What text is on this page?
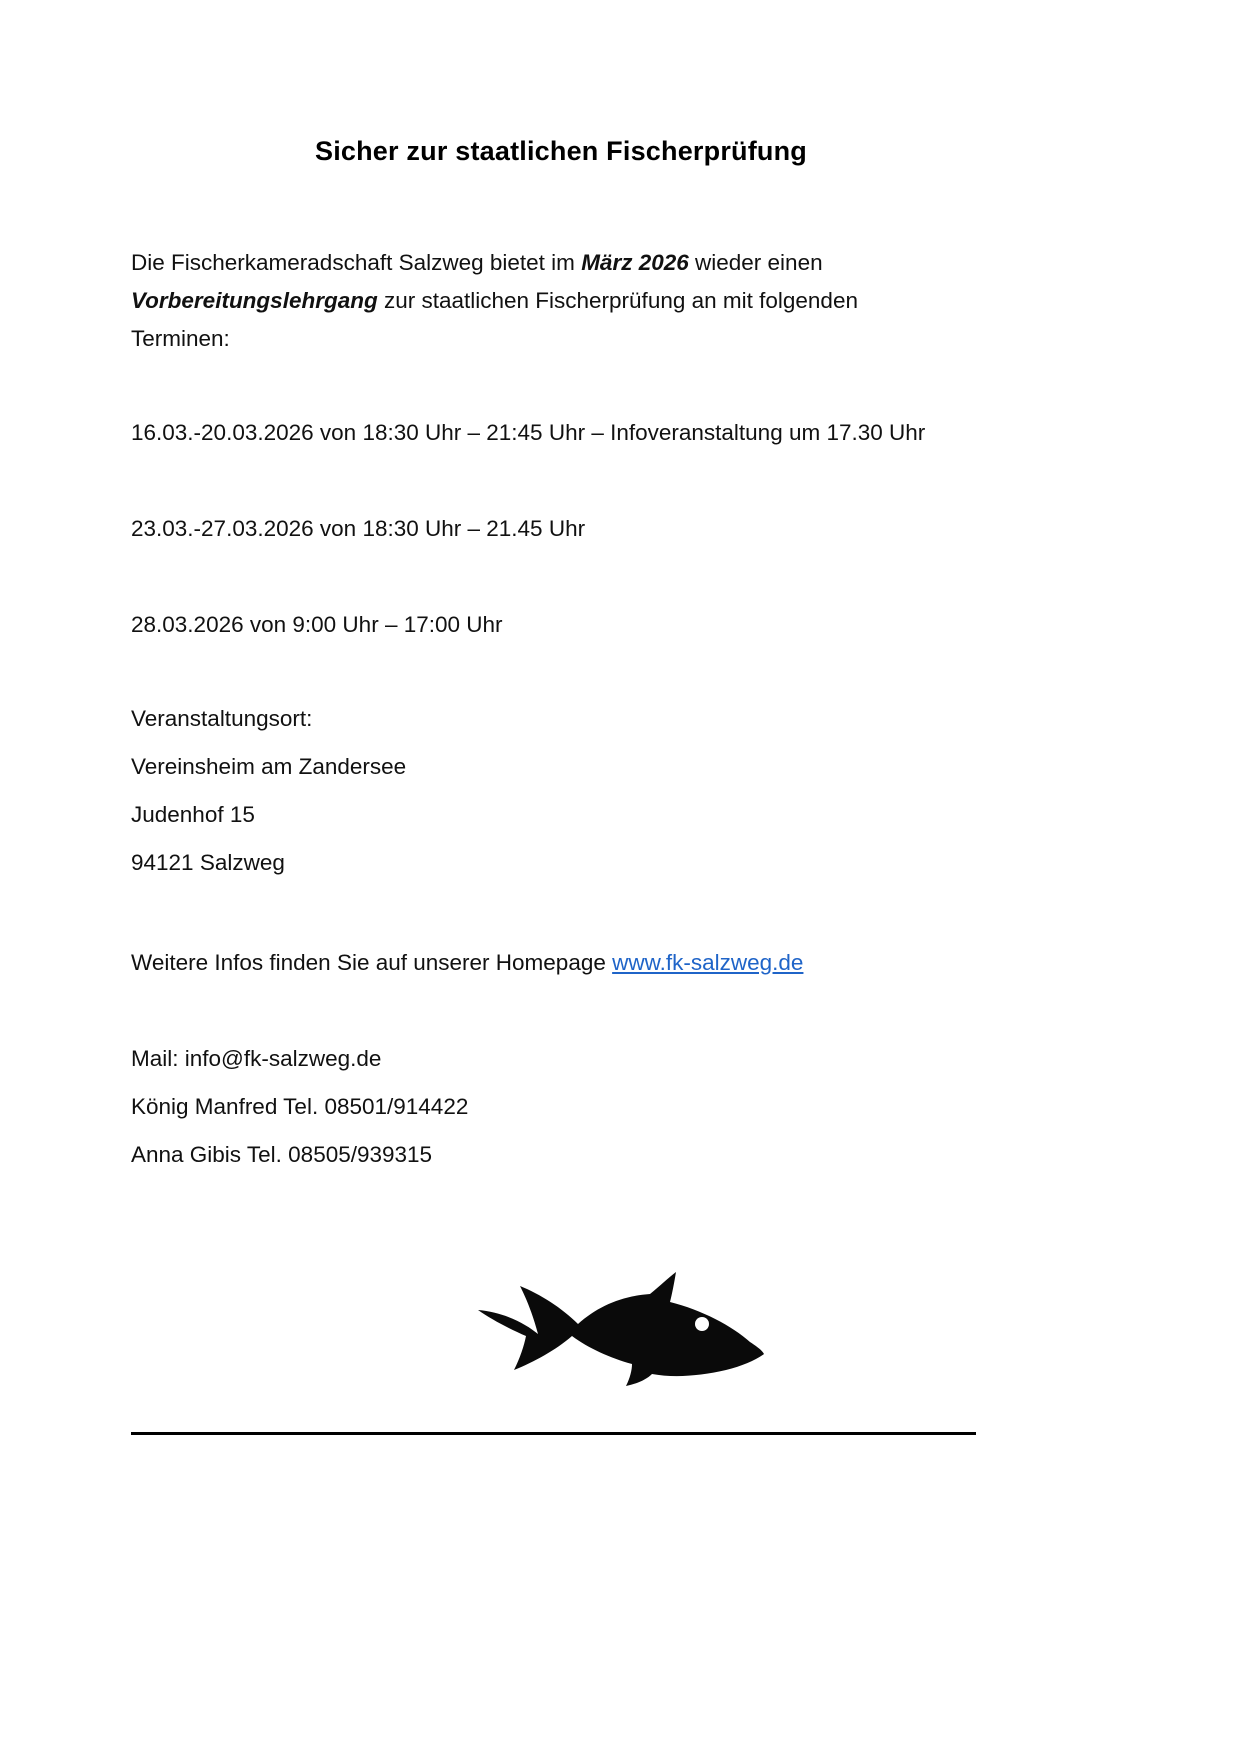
Sicher zur staatlichen Fischerprüfung

Die Fischerkameradschaft Salzweg bietet im März 2026 wieder einen Vorbereitungslehrgang zur staatlichen Fischerprüfung an mit folgenden Terminen:

16.03.-20.03.2026 von 18:30 Uhr – 21:45 Uhr – Infoveranstaltung um 17.30 Uhr
23.03.-27.03.2026 von 18:30 Uhr – 21.45 Uhr
28.03.2026 von 9:00 Uhr – 17:00 Uhr
Veranstaltungsort:
Vereinsheim am Zandersee
Judenhof 15
94121 Salzweg
Weitere Infos finden Sie auf unserer Homepage www.fk-salzweg.de
Mail: info@fk-salzweg.de
König Manfred Tel. 08501/914422
Anna Gibis Tel. 08505/939315
